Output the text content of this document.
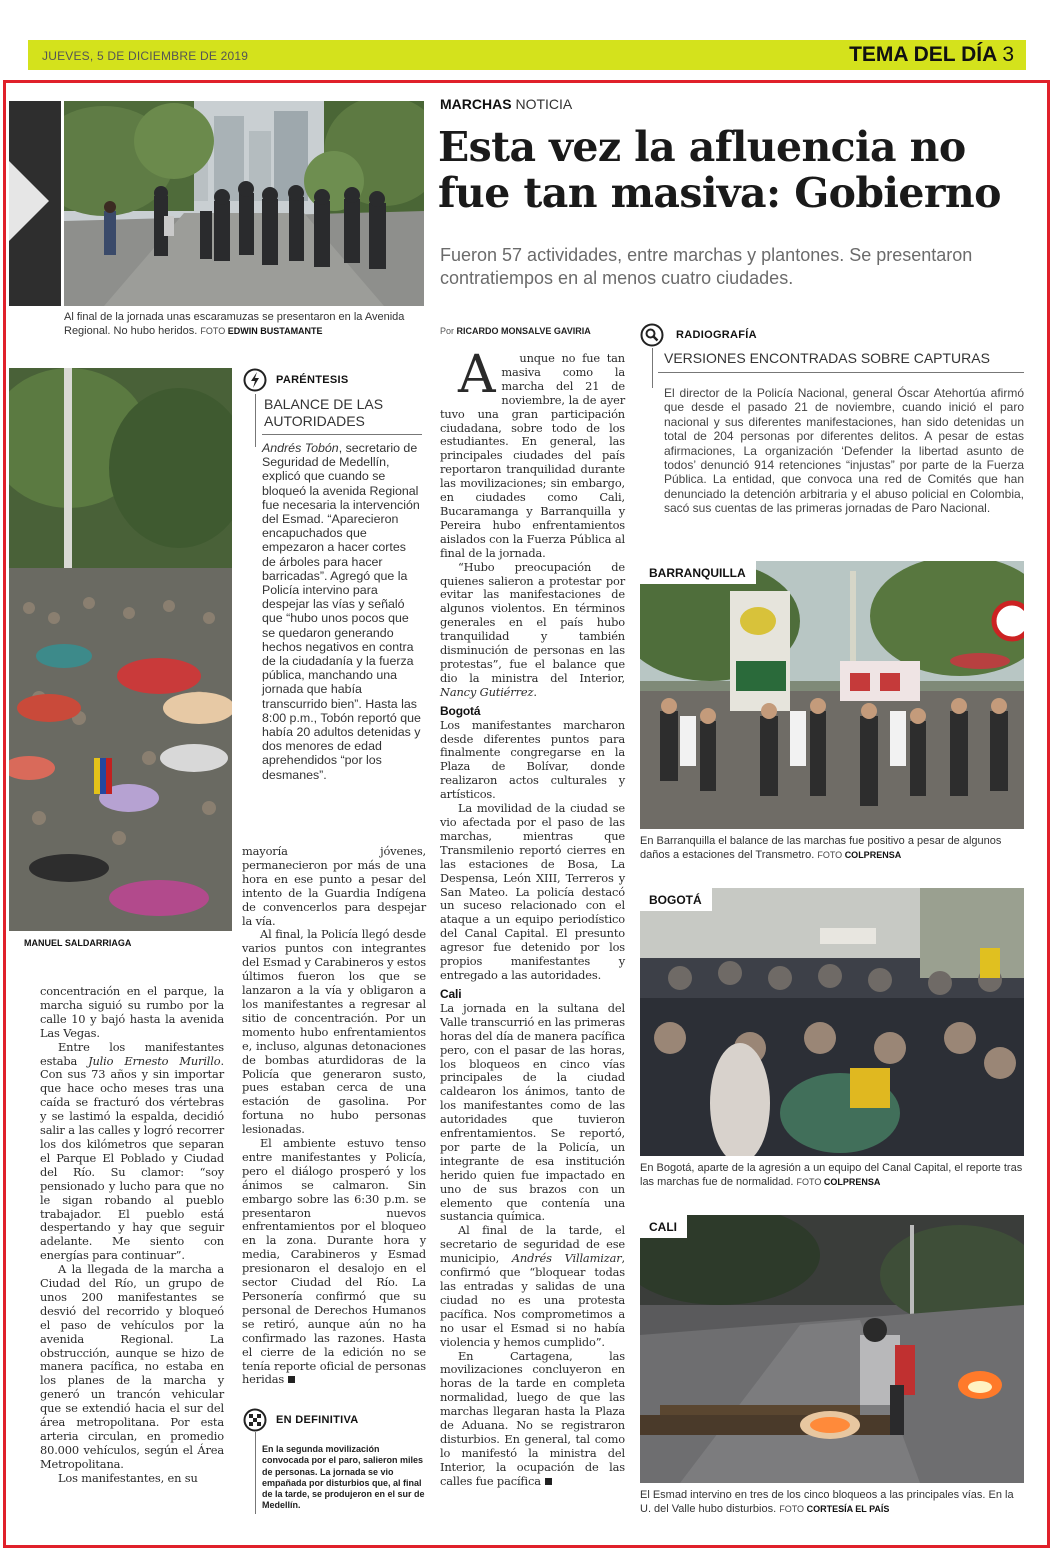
JUEVES, 5 DE DICIEMBRE DE 2019	TEMA DEL DÍA 3
Al final de la jornada unas escaramuzas se presentaron en la Avenida Regional. No hubo heridos. FOTO EDWIN BUSTAMANTE
MANUEL SALDARRIAGA
PARÉNTESIS
BALANCE DE LAS AUTORIDADES
Andrés Tobón, secretario de Seguridad de Medellín, explicó que cuando se bloqueó la avenida Regional fue necesaria la intervención del Esmad. “Aparecieron encapuchados que empezaron a hacer cortes de árboles para hacer barricadas”. Agregó que la Policía intervino para despejar las vías y señaló que “hubo unos pocos que se quedaron generando hechos negativos en contra de la ciudadanía y la fuerza pública, manchando una jornada que había transcurrido bien”. Hasta las 8:00 p.m., Tobón reportó que había 20 adultos detenidas y dos menores de edad aprehendidos “por los desmanes”.
MARCHAS NOTICIA
Esta vez la afluencia no fue tan masiva: Gobierno
Fueron 57 actividades, entre marchas y plantones. Se presentaron contratiempos en al menos cuatro ciudades.
Por RICARDO MONSALVE GAVIRIA	RADIOGRAFÍA
VERSIONES ENCONTRADAS SOBRE CAPTURAS
El director de la Policía Nacional, general Óscar Atehortúa afirmó que desde el pasado 21 de noviembre, cuando inició el paro nacional y sus diferentes manifestaciones, han sido detenidas un total de 204 personas por diferentes delitos. A pesar de estas afirmaciones, La organización ‘Defender la libertad asunto de todos’ denunció 914 retenciones “injustas” por parte de la Fuerza Pública. La entidad, que convoca una red de Comités que han denunciado la detención arbitraria y el abuso policial en Colombia, sacó sus cuentas de las primeras jornadas de Paro Nacional.

A unque no fue tan masiva como la marcha del 21 de noviembre, la de ayer tuvo una gran participación ciudadana, sobre todo de los estudiantes. En general, las principales ciudades del país reportaron tranquilidad durante las movilizaciones; sin embargo, en ciudades como Cali, Bucaramanga y Barranquilla y Pereira hubo enfrentamientos aislados con la Fuerza Pública al final de la jornada.

“Hubo preocupación de quienes salieron a protestar por evitar las manifestaciones de algunos violentos. En términos generales en el país hubo tranquilidad y también disminución de personas en las protestas”, fue el balance que dio la ministra del Interior, Nancy Gutiérrez.

Bogotá

Los manifestantes marcharon desde diferentes puntos para finalmente congregarse en la Plaza de Bolívar, donde realizaron actos culturales y artísticos.

La movilidad de la ciudad se vio afectada por el paso de las marchas, mientras que Transmilenio reportó cierres en las estaciones de Bosa, La Despensa, León XIII, Terreros y San Mateo. La policía destacó un suceso relacionado con el ataque a un equipo periodístico del Canal Capital. El presunto agresor fue detenido por los propios manifestantes y entregado a las autoridades.

Cali

La jornada en la sultana del Valle transcurrió en las primeras horas del día de manera pacífica pero, con el pasar de las horas, los bloqueos en cinco vías principales de la ciudad caldearon los ánimos, tanto de los manifestantes como de las autoridades que tuvieron enfrentamientos. Se reportó, por parte de la Policía, un integrante de esa institución herido quien fue impactado en uno de sus brazos con un elemento que contenía una sustancia química.

Al final de la tarde, el secretario de seguridad de ese municipio, Andrés Villamizar, confirmó que “bloquear todas las entradas y salidas de una ciudad no es una protesta pacífica. Nos comprometimos a no usar el Esmad si no había violencia y hemos cumplido”.

En Cartagena, las movilizaciones concluyeron en horas de la tarde en completa normalidad, luego de que las marchas llegaran hasta la Plaza de Aduana. No se registraron disturbios. En general, tal como lo manifestó la ministra del Interior, la ocupación de las calles fue pacífica

concentración en el parque, la marcha siguió su rumbo por la calle 10 y bajó hasta la avenida Las Vegas.

Entre los manifestantes estaba Julio Ernesto Murillo. Con sus 73 años y sin importar que hace ocho meses tras una caída se fracturó dos vértebras y se lastimó la espalda, decidió salir a las calles y logró recorrer los dos kilómetros que separan el Parque El Poblado y Ciudad del Río. Su clamor: “soy pensionado y lucho para que no le sigan robando al pueblo trabajador. El pueblo está despertando y hay que seguir adelante. Me siento con energías para continuar”.

A la llegada de la marcha a Ciudad del Río, un grupo de unos 200 manifestantes se desvió del recorrido y bloqueó el paso de vehículos por la avenida Regional. La obstrucción, aunque se hizo de manera pacífica, no estaba en los planes de la marcha y generó un trancón vehicular que se extendió hacia el sur del área metropolitana. Por esta arteria circulan, en promedio 80.000 vehículos, según el Área Metropolitana.

Los manifestantes, en su

mayoría jóvenes, permanecieron por más de una hora en ese punto a pesar del intento de la Guardia Indígena de convencerlos para despejar la vía.

Al final, la Policía llegó desde varios puntos con integrantes del Esmad y Carabineros y estos últimos fueron los que se lanzaron a la vía y obligaron a los manifestantes a regresar al sitio de concentración. Por un momento hubo enfrentamientos e, incluso, algunas detonaciones de bombas aturdidoras de la Policía que generaron susto, pues estaban cerca de una estación de gasolina. Por fortuna no hubo personas lesionadas.

El ambiente estuvo tenso entre manifestantes y Policía, pero el diálogo prosperó y los ánimos se calmaron. Sin embargo sobre las 6:30 p.m. se presentaron nuevos enfrentamientos por el bloqueo en la zona. Durante hora y media, Carabineros y Esmad presionaron el desalojo en el sector Ciudad del Río. La Personería confirmó que su personal de Derechos Humanos se retiró, aunque aún no ha confirmado las razones. Hasta el cierre de la edición no se tenía reporte oficial de personas heridas

EN DEFINITIVA
En la segunda movilización convocada por el paro, salieron miles de personas. La jornada se vio empañada por disturbios que, al final de la tarde, se produjeron en el sur de Medellín.
BARRANQUILLA
En Barranquilla el balance de las marchas fue positivo a pesar de algunos daños a estaciones del Transmetro. FOTO COLPRENSA
BOGOTÁ
En Bogotá, aparte de la agresión a un equipo del Canal Capital, el reporte tras las marchas fue de normalidad. FOTO COLPRENSA
CALI
El Esmad intervino en tres de los cinco bloqueos a las principales vías. En la U. del Valle hubo disturbios. FOTO CORTESÍA EL PAÍS
